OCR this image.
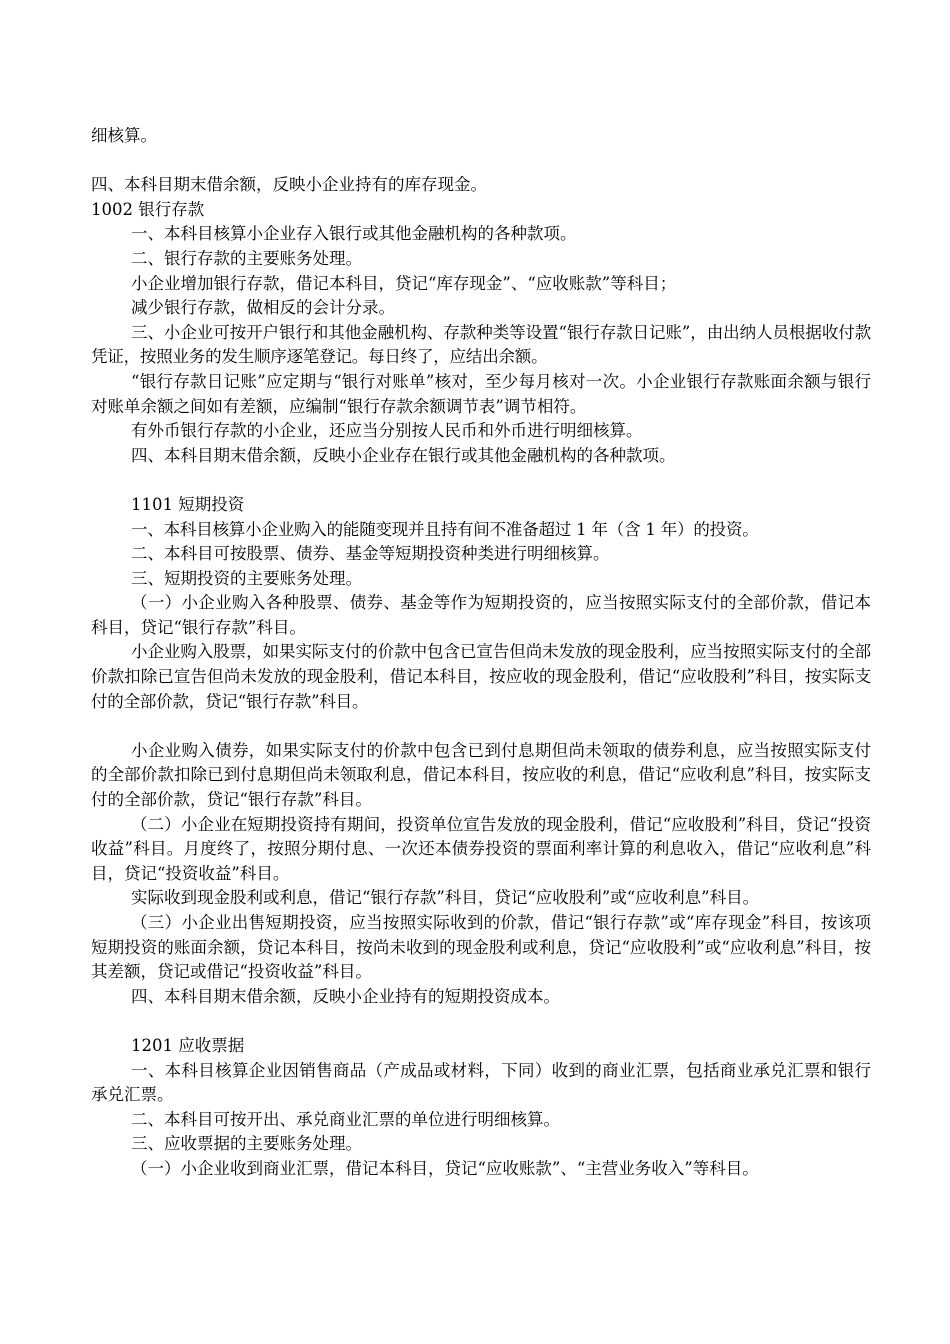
细核算。

四、本科目期末借余额，反映小企业持有的库存现金。

1002 银行存款

一、本科目核算小企业存入银行或其他金融机构的各种款项。

二、银行存款的主要账务处理。

小企业增加银行存款，借记本科目，贷记“库存现金”、“应收账款”等科目；

减少银行存款，做相反的会计分录。

三、小企业可按开户银行和其他金融机构、存款种类等设置“银行存款日记账”，由出纳人员根据收付款凭证，按照业务的发生顺序逐笔登记。每日终了，应结出余额。

“银行存款日记账”应定期与“银行对账单”核对，至少每月核对一次。小企业银行存款账面余额与银行对账单余额之间如有差额，应编制“银行存款余额调节表”调节相符。

有外币银行存款的小企业，还应当分别按人民币和外币进行明细核算。

四、本科目期末借余额，反映小企业存在银行或其他金融机构的各种款项。

1101 短期投资

一、本科目核算小企业购入的能随变现并且持有间不准备超过 1 年（含 1 年）的投资。

二、本科目可按股票、债券、基金等短期投资种类进行明细核算。

三、短期投资的主要账务处理。

（一）小企业购入各种股票、债券、基金等作为短期投资的，应当按照实际支付的全部价款，借记本科目，贷记“银行存款”科目。

小企业购入股票，如果实际支付的价款中包含已宣告但尚未发放的现金股利，应当按照实际支付的全部价款扣除已宣告但尚未发放的现金股利，借记本科目，按应收的现金股利，借记“应收股利”科目，按实际支付的全部价款，贷记“银行存款”科目。

小企业购入债券，如果实际支付的价款中包含已到付息期但尚未领取的债券利息，应当按照实际支付的全部价款扣除已到付息期但尚未领取利息，借记本科目，按应收的利息，借记“应收利息”科目，按实际支付的全部价款，贷记“银行存款”科目。

（二）小企业在短期投资持有期间，投资单位宣告发放的现金股利，借记“应收股利”科目，贷记“投资收益”科目。月度终了，按照分期付息、一次还本债券投资的票面利率计算的利息收入，借记“应收利息”科目，贷记“投资收益”科目。

实际收到现金股利或利息，借记“银行存款”科目，贷记“应收股利”或“应收利息”科目。

（三）小企业出售短期投资，应当按照实际收到的价款，借记“银行存款”或“库存现金”科目，按该项短期投资的账面余额，贷记本科目，按尚未收到的现金股利或利息，贷记“应收股利”或“应收利息”科目，按其差额，贷记或借记“投资收益”科目。

四、本科目期末借余额，反映小企业持有的短期投资成本。

1201 应收票据

一、本科目核算企业因销售商品（产成品或材料，下同）收到的商业汇票，包括商业承兑汇票和银行承兑汇票。

二、本科目可按开出、承兑商业汇票的单位进行明细核算。

三、应收票据的主要账务处理。

（一）小企业收到商业汇票，借记本科目，贷记“应收账款”、“主营业务收入”等科目。
